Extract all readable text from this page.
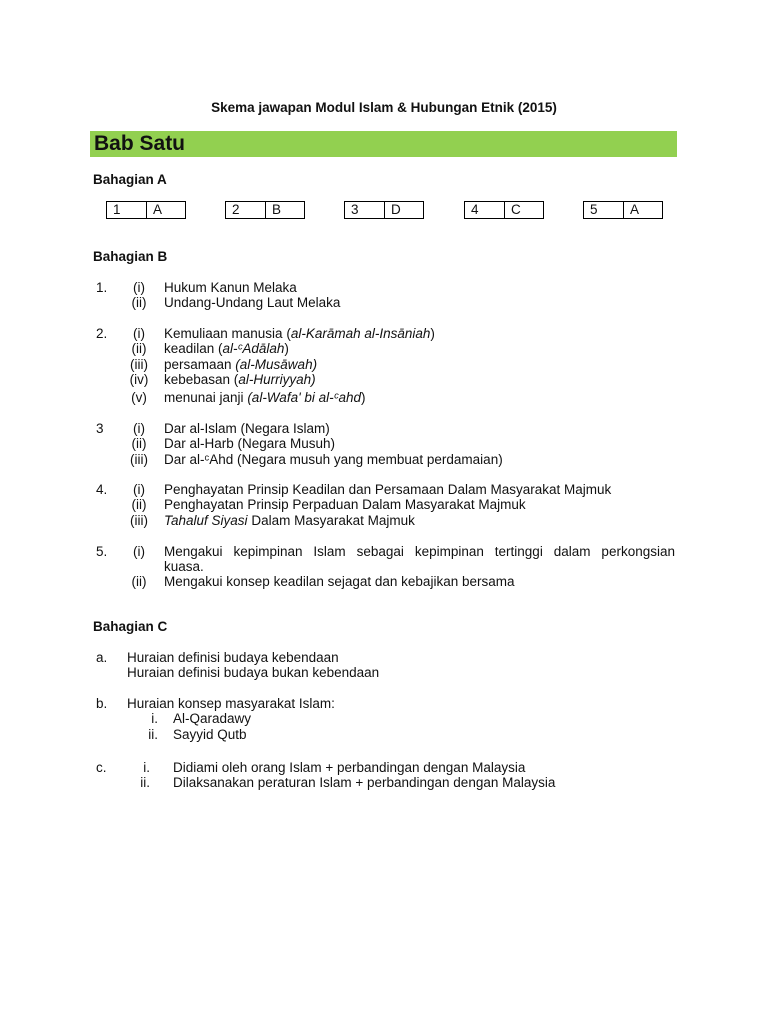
Skema jawapan Modul Islam & Hubungan Etnik (2015)
Bab Satu
Bahagian A
1	A	2	B	3	D	4	C	5	A
Bahagian B
1.	(i)	Hukum Kanun Melaka
(ii)	Undang-Undang Laut Melaka
2.	(i)	Kemuliaan manusia (al-Karāmah al-Insāniah)
(ii)	keadilan (al-ᶜAdālah)
(iii)	persamaan (al-Musāwah)
(iv)	kebebasan (al-Hurriyyah)
(v)	menunai janji (al-Wafa' bi al-ᶜahd)
3	(i)	Dar al-Islam (Negara Islam)
(ii)	Dar al-Harb (Negara Musuh)
(iii)	Dar al-ᶜAhd (Negara musuh yang membuat perdamaian)
4.	(i)	Penghayatan Prinsip Keadilan dan Persamaan Dalam Masyarakat Majmuk
(ii)	Penghayatan Prinsip Perpaduan Dalam Masyarakat Majmuk
(iii)	Tahaluf Siyasi Dalam Masyarakat Majmuk
5.	(i)	Mengakui kepimpinan Islam sebagai kepimpinan tertinggi dalam perkongsian
kuasa.
(ii)	Mengakui konsep keadilan sejagat dan kebajikan bersama
Bahagian C
a. Huraian definisi budaya kebendaan
Huraian definisi budaya bukan kebendaan
b. Huraian konsep masyarakat Islam:
i. Al-Qaradawy
ii. Sayyid Qutb
c.	i. Didiami oleh orang Islam + perbandingan dengan Malaysia
ii. Dilaksanakan peraturan Islam + perbandingan dengan Malaysia
